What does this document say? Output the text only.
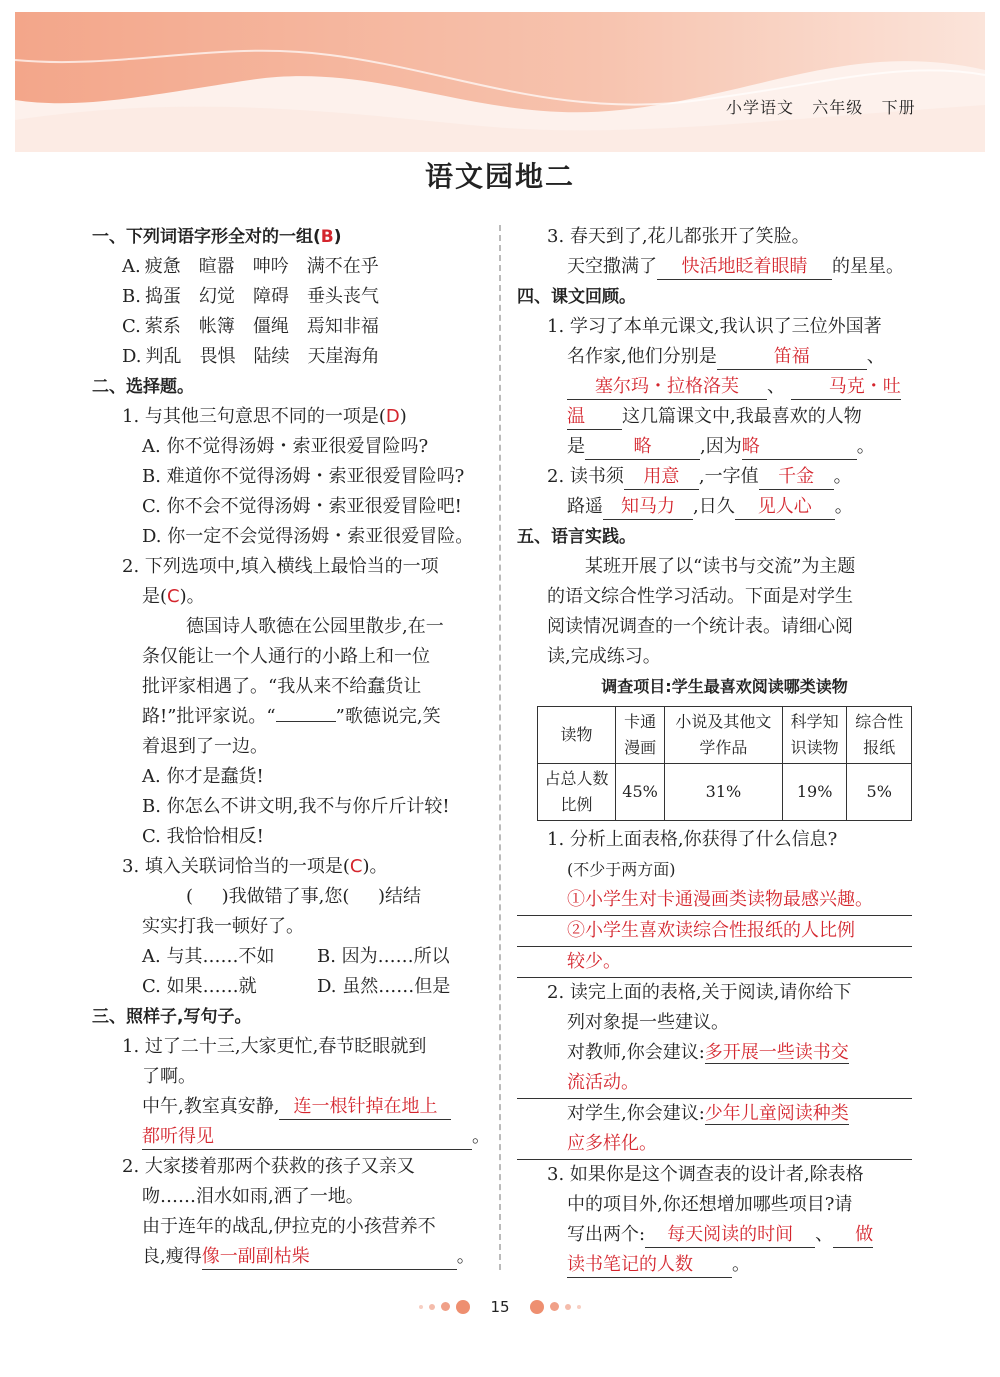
小学语文 六年级 下册
语文园地二
一、下列词语字形全对的一组(B)
A. 疲惫 暄嚣 呻吟 满不在乎
B. 捣蛋 幻觉 障碍 垂头丧气
C. 萦系 帐簿 僵绳 焉知非福
D. 判乱 畏惧 陆续 天崖海角
二、选择题。
1. 与其他三句意思不同的一项是(D)
A. 你不觉得汤姆・索亚很爱冒险吗?
B. 难道你不觉得汤姆・索亚很爱冒险吗?
C. 你不会不觉得汤姆・索亚很爱冒险吧!
D. 你一定不会觉得汤姆・索亚很爱冒险。
2. 下列选项中,填入横线上最恰当的一项
是(C)。
德国诗人歌德在公园里散步,在一
条仅能让一个人通行的小路上和一位
批评家相遇了。“我从来不给蠢货让
路!”批评家说。“	”歌德说完,笑
着退到了一边。
A. 你才是蠢货!
B. 你怎么不讲文明,我不与你斤斤计较!
C. 我恰恰相反!
3. 填入关联词恰当的一项是(C)。
( )我做错了事,您( )结结
实实打我一顿好了。
A. 与其……不如 B. 因为……所以
C. 如果……就	D. 虽然……但是
三、照样子,写句子。
1. 过了二十三,大家更忙,春节眨眼就到
了啊。
中午,教室真安静, 连一根针掉在地上
都听得见	。
2. 大家搂着那两个获救的孩子又亲又
吻……泪水如雨,洒了一地。
由于连年的战乱,伊拉克的小孩营养不
良,瘦得像一副副枯柴	。
3. 春天到了,花儿都张开了笑脸。
天空撒满了 快活地眨着眼睛 的星星。
四、课文回顾。
1. 学习了本单元课文,我认识了三位外国著
名作家,他们分别是	笛福	、
塞尔玛・拉格洛芙 、 马克・吐
温 这几篇课文中,我最喜欢的人物
是	略	,因为略	。
2. 读书须 用意 ,一字值 千金 。
路遥 知马力 ,日久 见人心 。
五、语言实践。
某班开展了以“读书与交流”为主题
的语文综合性学习活动。下面是对学生
阅读情况调查的一个统计表。请细心阅
读,完成练习。
调查项目:学生最喜欢阅读哪类读物
读物	卡通漫画	小说及其他文学作品	科学知识读物	综合性报纸
占总人数比例	45%	31%	19%	5%
1. 分析上面表格,你获得了什么信息?
(不少于两方面)
①小学生对卡通漫画类读物最感兴趣。
②小学生喜欢读综合性报纸的人比例
较少。
2. 读完上面的表格,关于阅读,请你给下
列对象提一些建议。
对教师,你会建议:多开展一些读书交
流活动。
对学生,你会建议:少年儿童阅读种类
应多样化。
3. 如果你是这个调查表的设计者,除表格
中的项目外,你还想增加哪些项目?请
写出两个: 每天阅读的时间 、 做
读书笔记的人数 。
15
